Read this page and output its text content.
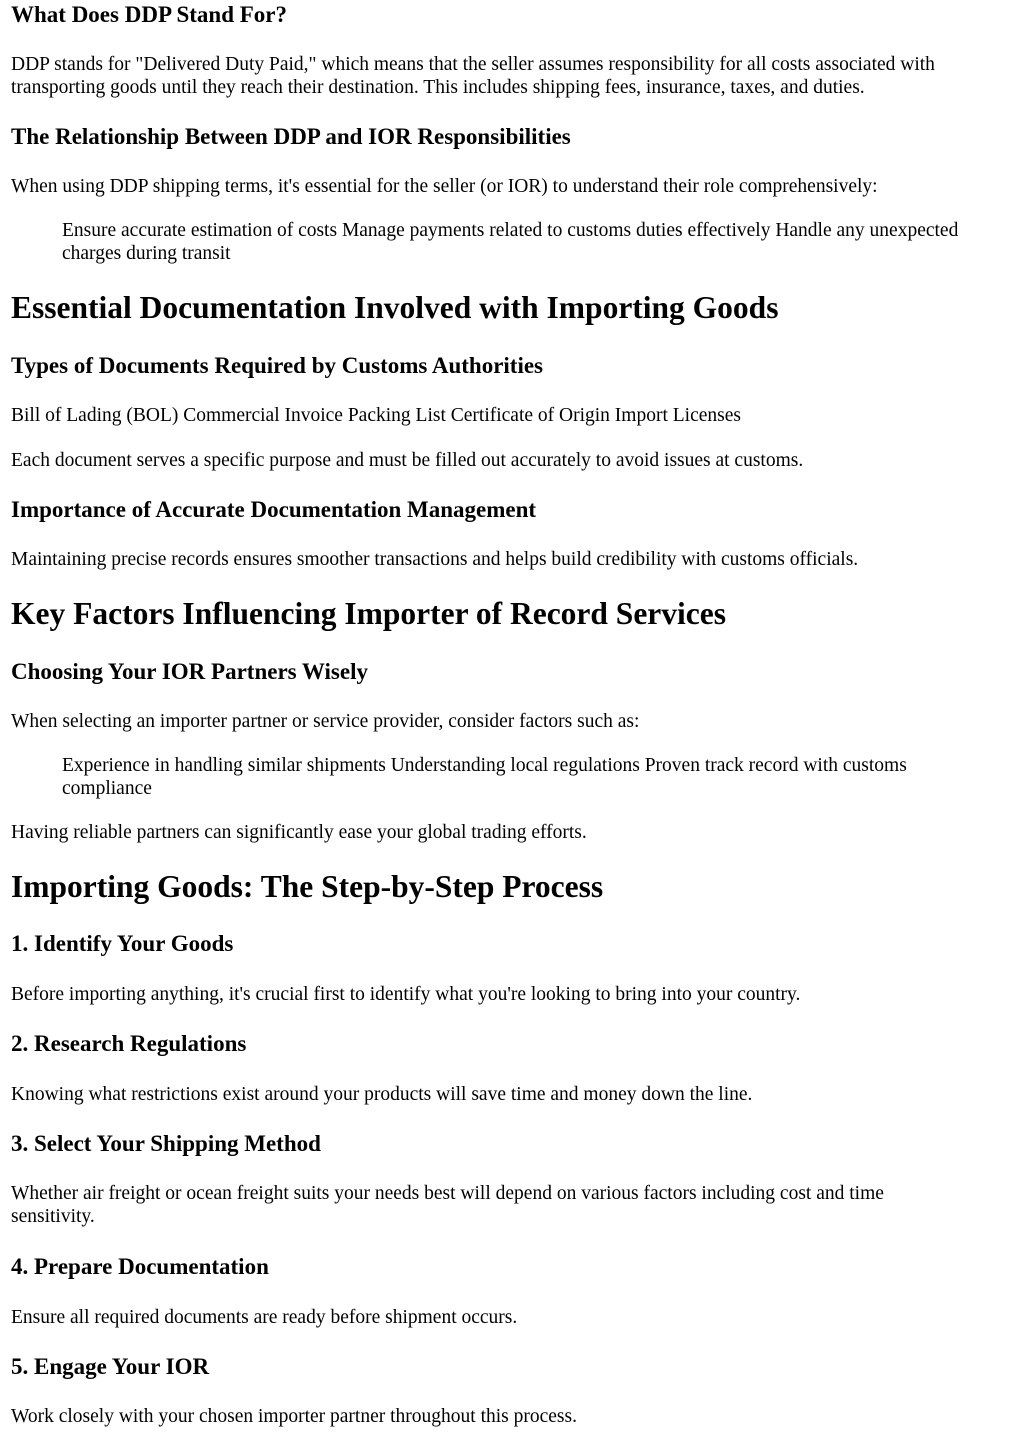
What Does DDP Stand For?

DDP stands for "Delivered Duty Paid," which means that the seller assumes responsibility for all costs associated with

transporting goods until they reach their destination. This includes shipping fees, insurance, taxes, and duties.

The Relationship Between DDP and IOR Responsibilities

When using DDP shipping terms, it's essential for the seller (or IOR) to understand their role comprehensively:

Ensure accurate estimation of costs Manage payments related to customs duties effectively Handle any unexpected
charges during transit
Essential Documentation Involved with Importing Goods
Types of Documents Required by Customs Authorities

Bill of Lading (BOL) Commercial Invoice Packing List Certificate of Origin Import Licenses

Each document serves a specific purpose and must be filled out accurately to avoid issues at customs.

Importance of Accurate Documentation Management

Maintaining precise records ensures smoother transactions and helps build credibility with customs officials.

Key Factors Influencing Importer of Record Services
Choosing Your IOR Partners Wisely

When selecting an importer partner or service provider, consider factors such as:

Experience in handling similar shipments Understanding local regulations Proven track record with customs
compliance

Having reliable partners can significantly ease your global trading efforts.

Importing Goods: The Step-by-Step Process
1. Identify Your Goods

Before importing anything, it's crucial first to identify what you're looking to bring into your country.

2. Research Regulations

Knowing what restrictions exist around your products will save time and money down the line.

3. Select Your Shipping Method

Whether air freight or ocean freight suits your needs best will depend on various factors including cost and time

sensitivity.

4. Prepare Documentation

Ensure all required documents are ready before shipment occurs.

5. Engage Your IOR

Work closely with your chosen importer partner throughout this process.
